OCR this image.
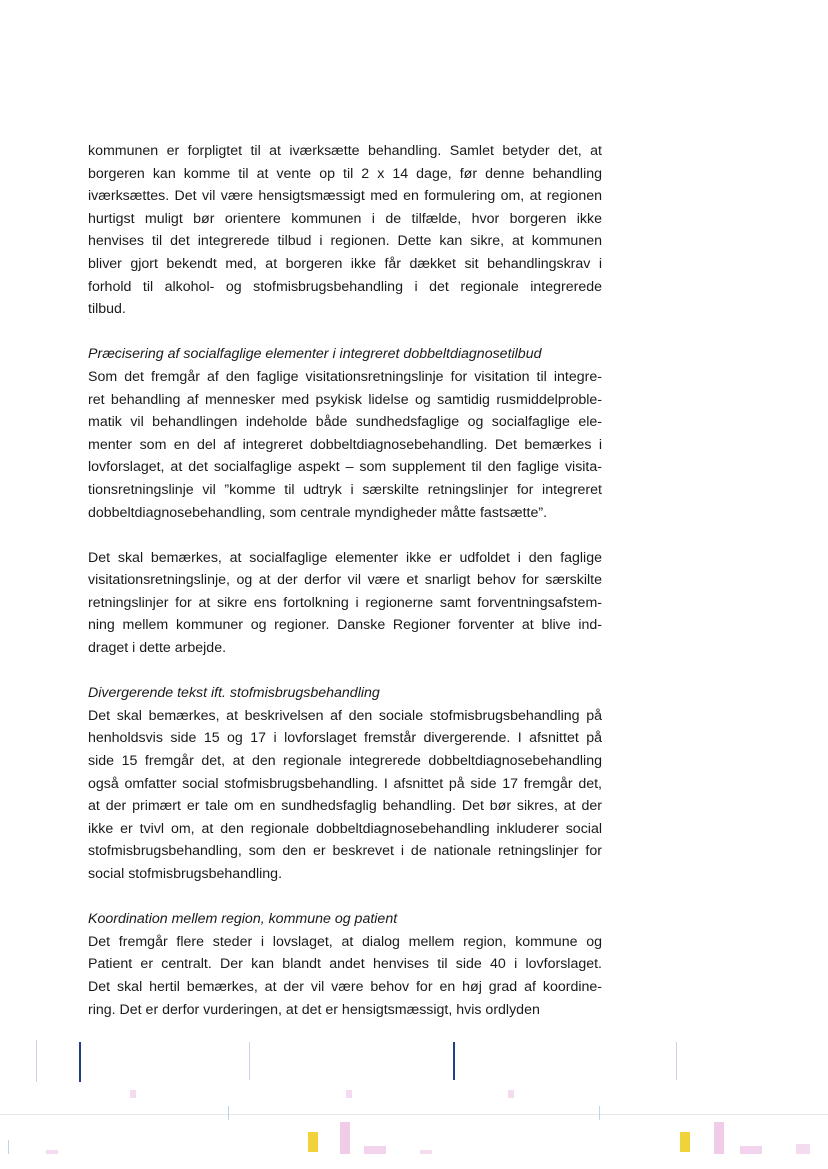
kommunen er forpligtet til at iværksætte behandling. Samlet betyder det, at
borgeren kan komme til at vente op til 2 x 14 dage, før denne behandling
iværksættes. Det vil være hensigtsmæssigt med en formulering om, at regionen
hurtigst muligt bør orientere kommunen i de tilfælde, hvor borgeren ikke
henvises til det integrerede tilbud i regionen. Dette kan sikre, at kommunen
bliver gjort bekendt med, at borgeren ikke får dækket sit behandlingskrav i
forhold til alkohol- og stofmisbrugsbehandling i det regionale integrerede
tilbud.

Præcisering af socialfaglige elementer i integreret dobbeltdiagnosetilbud

Som det fremgår af den faglige visitationsretningslinje for visitation til integre-
ret behandling af mennesker med psykisk lidelse og samtidig rusmiddelproble-
matik vil behandlingen indeholde både sundhedsfaglige og socialfaglige ele-
menter som en del af integreret dobbeltdiagnosebehandling. Det bemærkes i
lovforslaget, at det socialfaglige aspekt – som supplement til den faglige visita-
tionsretningslinje vil ”komme til udtryk i særskilte retningslinjer for integreret
dobbeltdiagnosebehandling, som centrale myndigheder måtte fastsætte”.

Det skal bemærkes, at socialfaglige elementer ikke er udfoldet i den faglige
visitationsretningslinje, og at der derfor vil være et snarligt behov for særskilte
retningslinjer for at sikre ens fortolkning i regionerne samt forventningsafstem-
ning mellem kommuner og regioner. Danske Regioner forventer at blive ind-
draget i dette arbejde.

Divergerende tekst ift. stofmisbrugsbehandling

Det skal bemærkes, at beskrivelsen af den sociale stofmisbrugsbehandling på
henholdsvis side 15 og 17 i lovforslaget fremstår divergerende. I afsnittet på
side 15 fremgår det, at den regionale integrerede dobbeltdiagnosebehandling
også omfatter social stofmisbrugsbehandling. I afsnittet på side 17 fremgår det,
at der primært er tale om en sundhedsfaglig behandling. Det bør sikres, at der
ikke er tvivl om, at den regionale dobbeltdiagnosebehandling inkluderer social
stofmisbrugsbehandling, som den er beskrevet i de nationale retningslinjer for
social stofmisbrugsbehandling.

Koordination mellem region, kommune og patient

Det fremgår flere steder i lovslaget, at dialog mellem region, kommune og
Patient er centralt. Der kan blandt andet henvises til side 40 i lovforslaget.
Det skal hertil bemærkes, at der vil være behov for en høj grad af koordine-
ring. Det er derfor vurderingen, at det er hensigtsmæssigt, hvis ordlyden
